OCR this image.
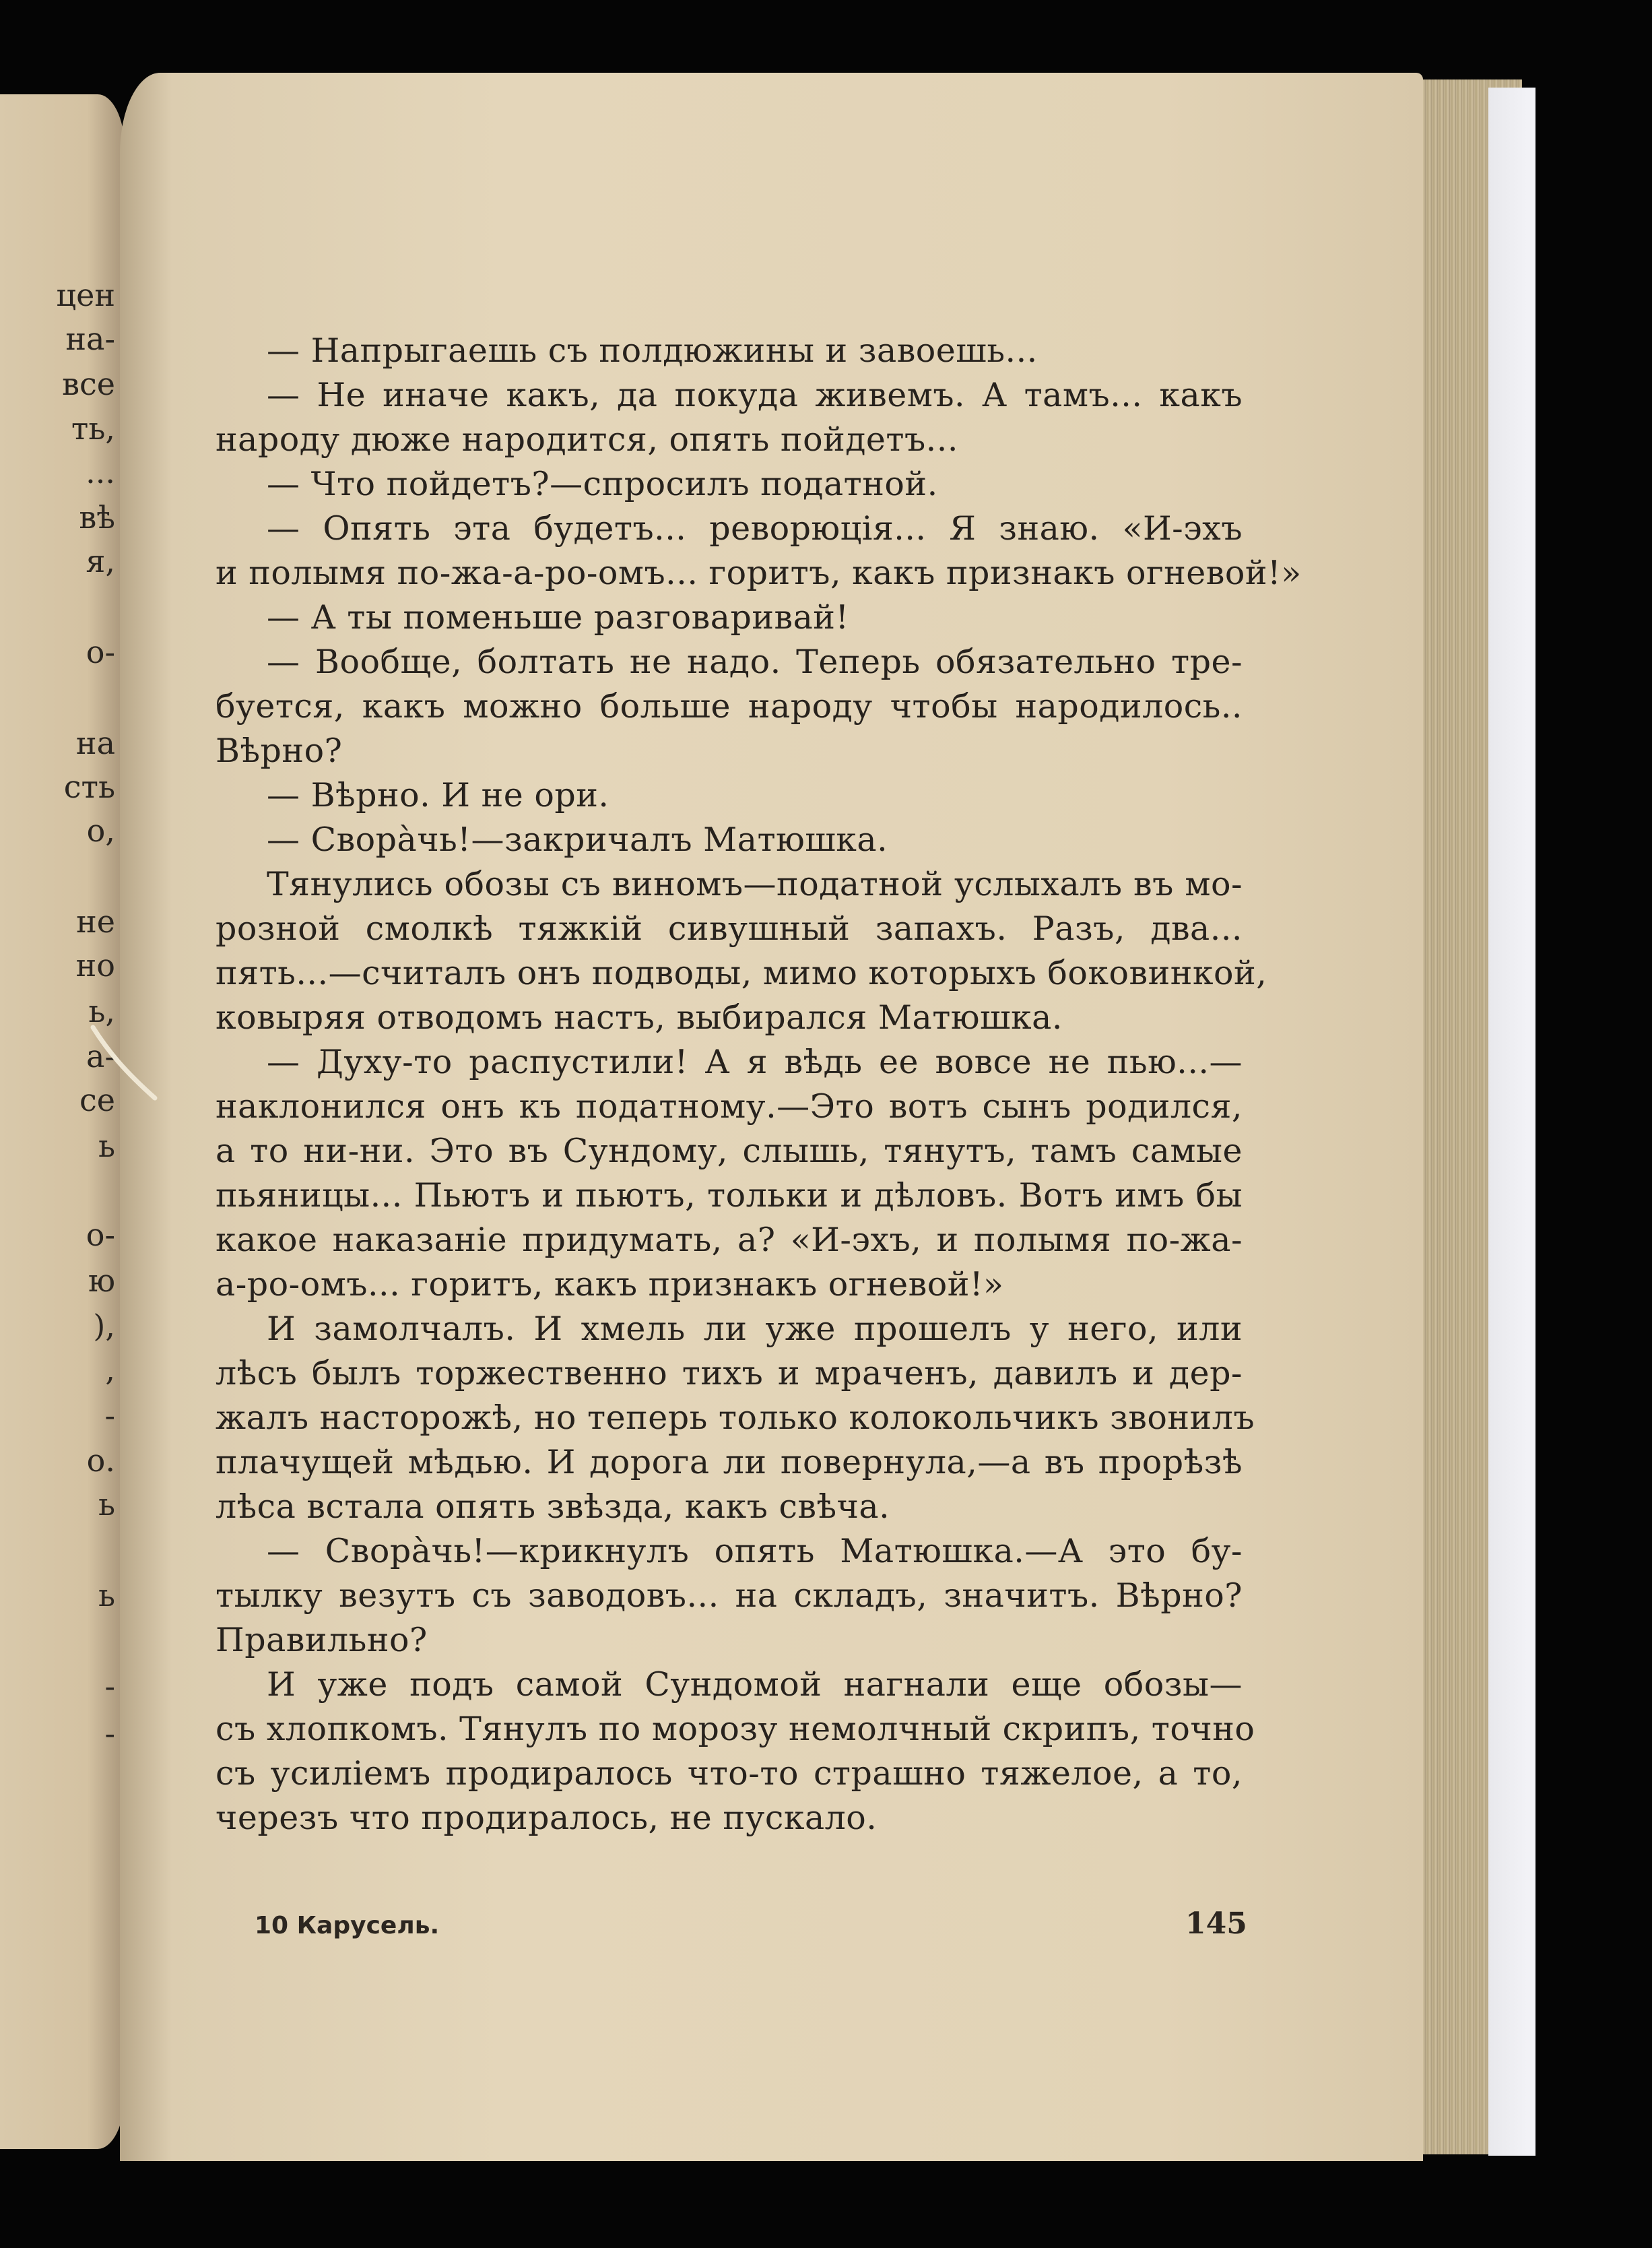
цен
на-
все
ть,
...
вѣ
я,
о-
на
сть
о,
не
но
ь,
а-
се
ь
о-
ю
),
,
-
о.
ь
ь
-
-
— Напрыгаешь съ полдюжины и завоешь...
— Не иначе какъ, да покуда живемъ. А тамъ... какъ
народу дюже народится, опять пойдетъ...
— Что пойдетъ?—спросилъ податной.
— Опять эта будетъ... реворюція... Я знаю. «И-эхъ
и полымя по-жа-а-ро-омъ... горитъ, какъ признакъ огневой!»
— А ты поменьше разговаривай!
— Вообще, болтать не надо. Теперь обязательно тре-
буется, какъ можно больше народу чтобы народилось..
Вѣрно?
— Вѣрно. И не ори.
— Сворàчь!—закричалъ Матюшка.
Тянулись обозы съ виномъ—податной услыхалъ въ мо-
розной смолкѣ тяжкій сивушный запахъ. Разъ, два...
пять...—считалъ онъ подводы, мимо которыхъ боковинкой,
ковыряя отводомъ настъ, выбирался Матюшка.
— Духу-то распустили! А я вѣдь ее вовсе не пью...—
наклонился онъ къ податному.—Это вотъ сынъ родился,
а то ни-ни. Это въ Сундому, слышь, тянутъ, тамъ самые
пьяницы... Пьютъ и пьютъ, тольки и дѣловъ. Вотъ имъ бы
какое наказаніе придумать, а? «И-эхъ, и полымя по-жа-
а-ро-омъ... горитъ, какъ признакъ огневой!»
И замолчалъ. И хмель ли уже прошелъ у него, или
лѣсъ былъ торжественно тихъ и мраченъ, давилъ и дер-
жалъ насторожѣ, но теперь только колокольчикъ звонилъ
плачущей мѣдью. И дорога ли повернула,—а въ прорѣзѣ
лѣса встала опять звѣзда, какъ свѣча.
— Сворàчь!—крикнулъ опять Матюшка.—А это бу-
тылку везутъ съ заводовъ... на складъ, значитъ. Вѣрно?
Правильно?
И уже подъ самой Сундомой нагнали еще обозы—
съ хлопкомъ. Тянулъ по морозу немолчный скрипъ, точно
съ усиліемъ продиралось что-то страшно тяжелое, а то,
черезъ что продиралось, не пускало.
10 Карусель.	145
